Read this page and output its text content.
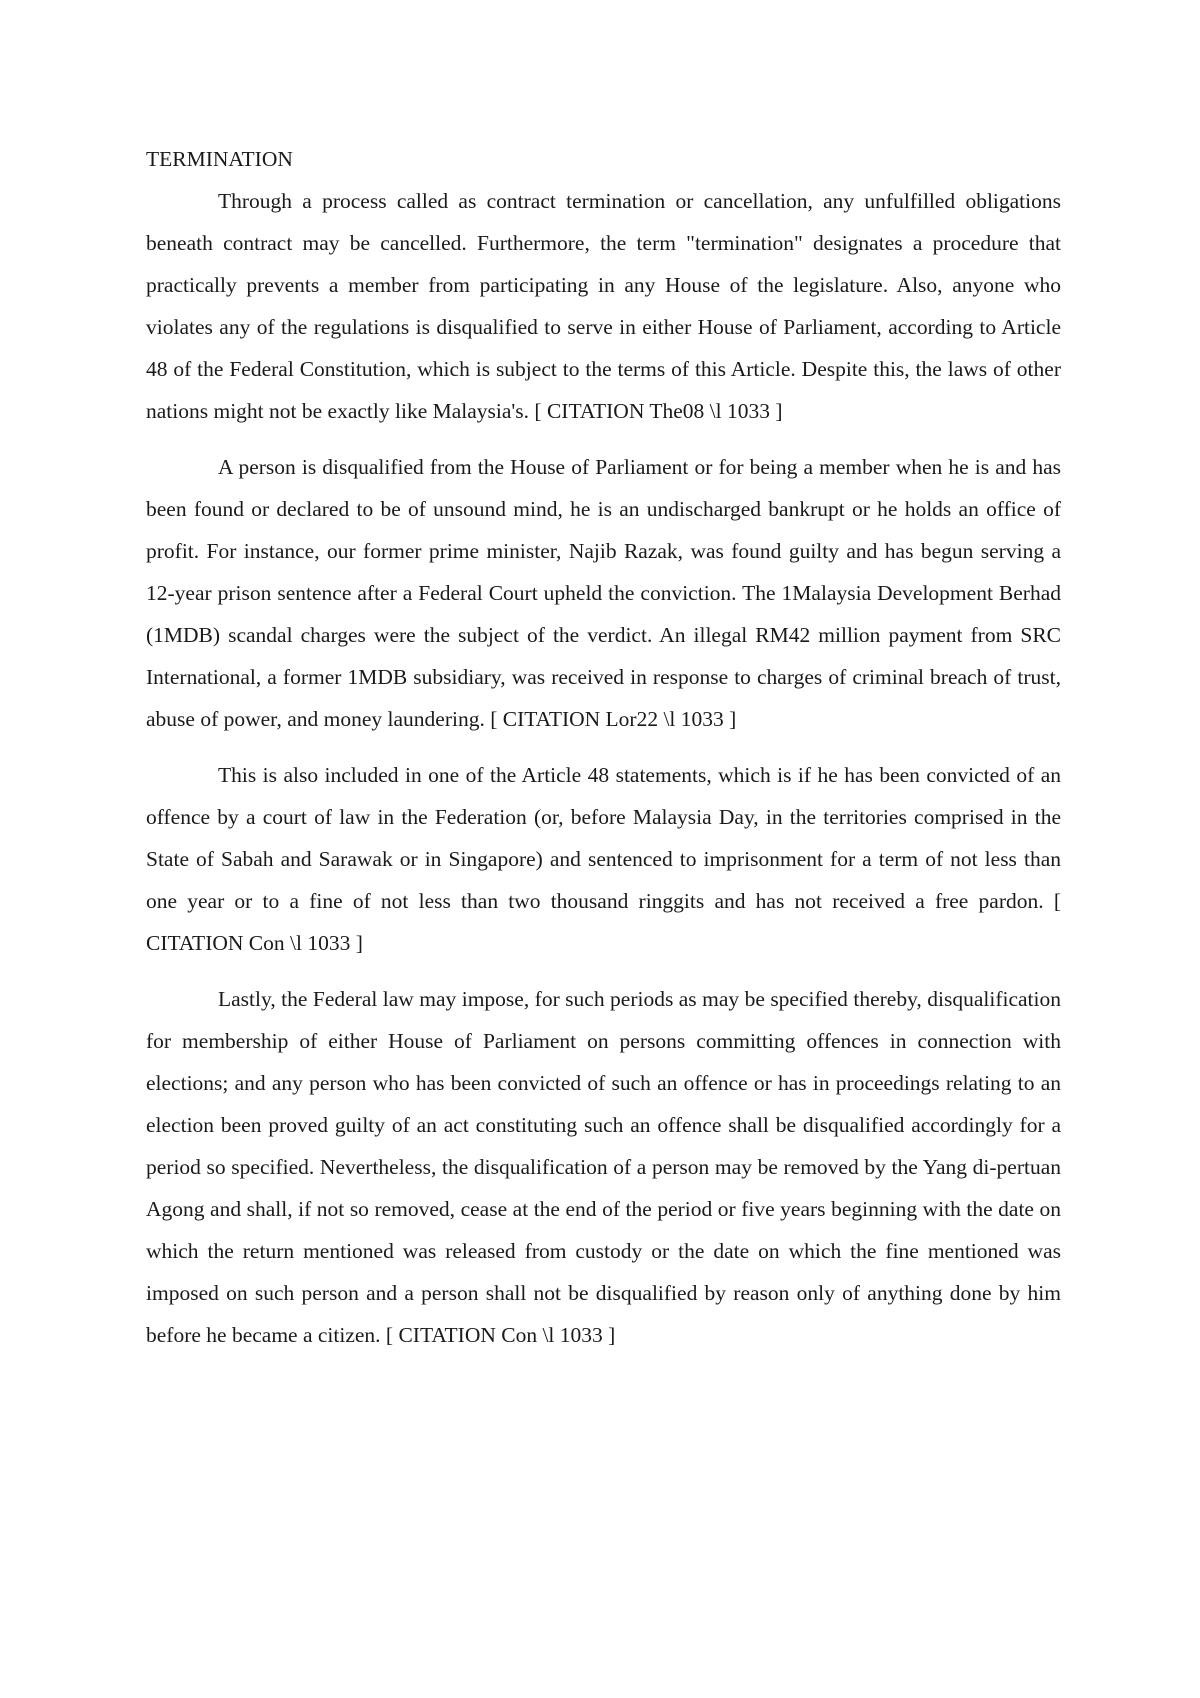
TERMINATION

Through a process called as contract termination or cancellation, any unfulfilled obligations beneath contract may be cancelled. Furthermore, the term "termination" designates a procedure that practically prevents a member from participating in any House of the legislature. Also, anyone who violates any of the regulations is disqualified to serve in either House of Parliament, according to Article 48 of the Federal Constitution, which is subject to the terms of this Article. Despite this, the laws of other nations might not be exactly like Malaysia's. [ CITATION The08 \l 1033 ]

A person is disqualified from the House of Parliament or for being a member when he is and has been found or declared to be of unsound mind, he is an undischarged bankrupt or he holds an office of profit. For instance, our former prime minister, Najib Razak, was found guilty and has begun serving a 12-year prison sentence after a Federal Court upheld the conviction. The 1Malaysia Development Berhad (1MDB) scandal charges were the subject of the verdict. An illegal RM42 million payment from SRC International, a former 1MDB subsidiary, was received in response to charges of criminal breach of trust, abuse of power, and money laundering. [ CITATION Lor22 \l 1033 ]

This is also included in one of the Article 48 statements, which is if he has been convicted of an offence by a court of law in the Federation (or, before Malaysia Day, in the territories comprised in the State of Sabah and Sarawak or in Singapore) and sentenced to imprisonment for a term of not less than one year or to a fine of not less than two thousand ringgits and has not received a free pardon. [ CITATION Con \l 1033 ]

Lastly, the Federal law may impose, for such periods as may be specified thereby, disqualification for membership of either House of Parliament on persons committing offences in connection with elections; and any person who has been convicted of such an offence or has in proceedings relating to an election been proved guilty of an act constituting such an offence shall be disqualified accordingly for a period so specified. Nevertheless, the disqualification of a person may be removed by the Yang di-pertuan Agong and shall, if not so removed, cease at the end of the period or five years beginning with the date on which the return mentioned was released from custody or the date on which the fine mentioned was imposed on such person and a person shall not be disqualified by reason only of anything done by him before he became a citizen. [ CITATION Con \l 1033 ]
